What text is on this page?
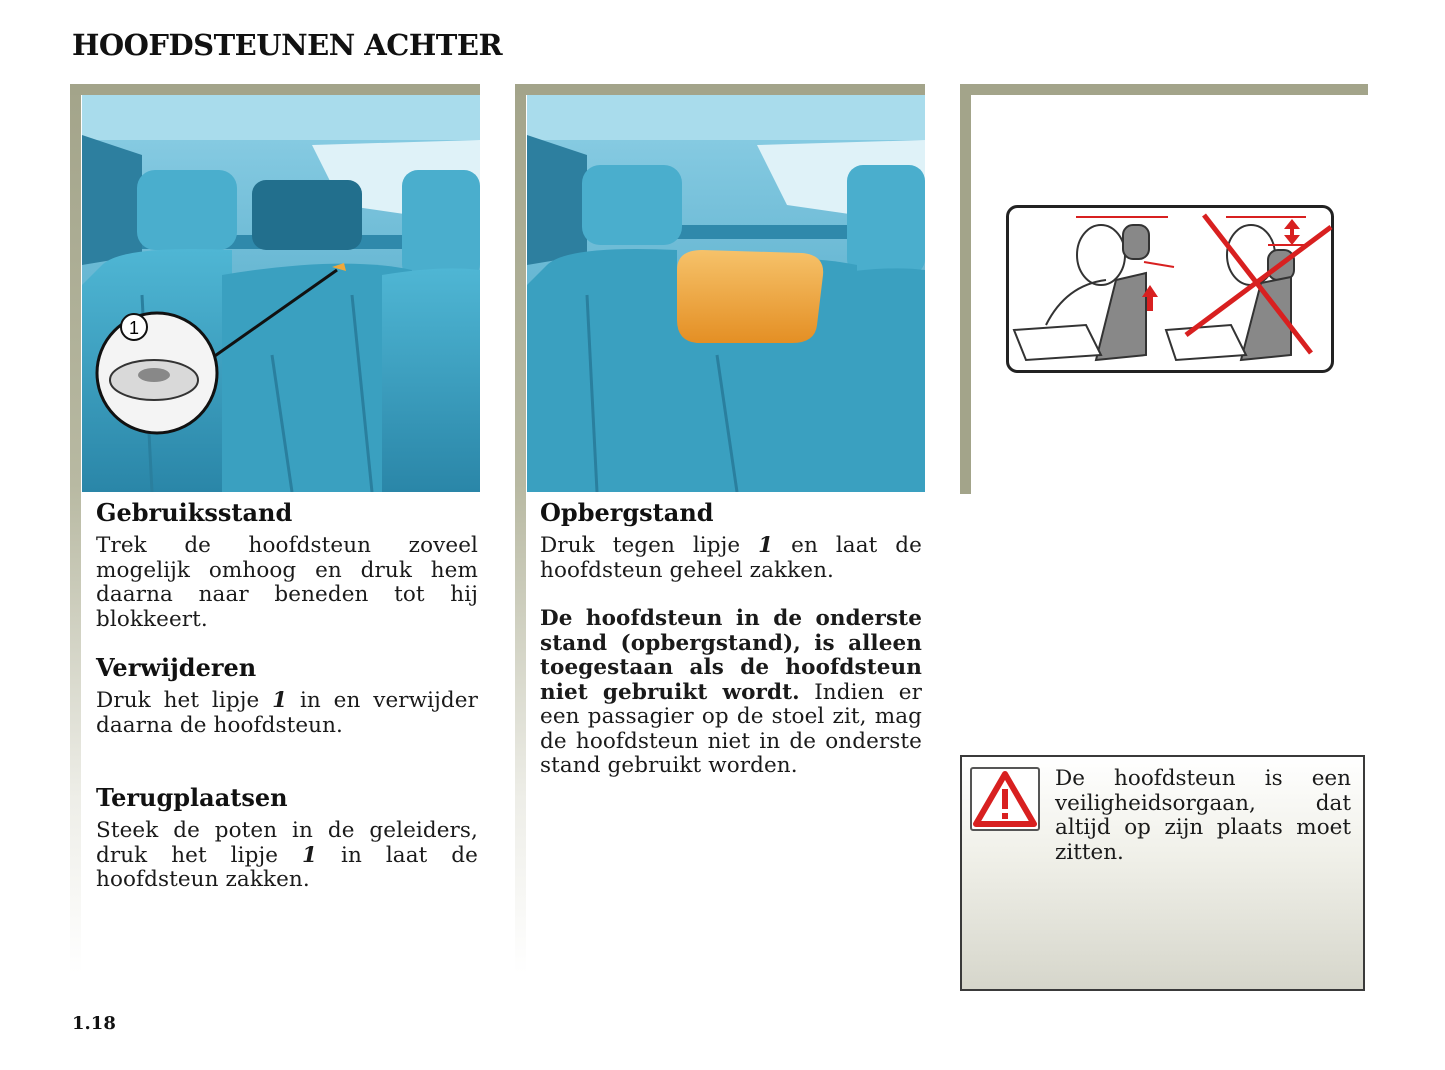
HOOFDSTEUNEN ACHTER
1
Gebruiksstand
Trek de hoofdsteun zoveel mogelijk omhoog en druk hem daarna naar beneden tot hij blokkeert.
Verwijderen
Druk het lipje 1 in en verwijder daarna de hoofdsteun.
Terugplaatsen
Steek de poten in de geleiders, druk het lipje 1 in laat de hoofdsteun zakken.
Opbergstand
Druk tegen lipje 1 en laat de hoofdsteun geheel zakken.
De hoofdsteun in de onderste stand (opbergstand), is alleen toegestaan als de hoofdsteun niet gebruikt wordt. Indien er een passagier op de stoel zit, mag de hoofdsteun niet in de onderste stand gebruikt worden.
De hoofdsteun is een veiligheidsorgaan, dat altijd op zijn plaats moet zitten.
1.18
